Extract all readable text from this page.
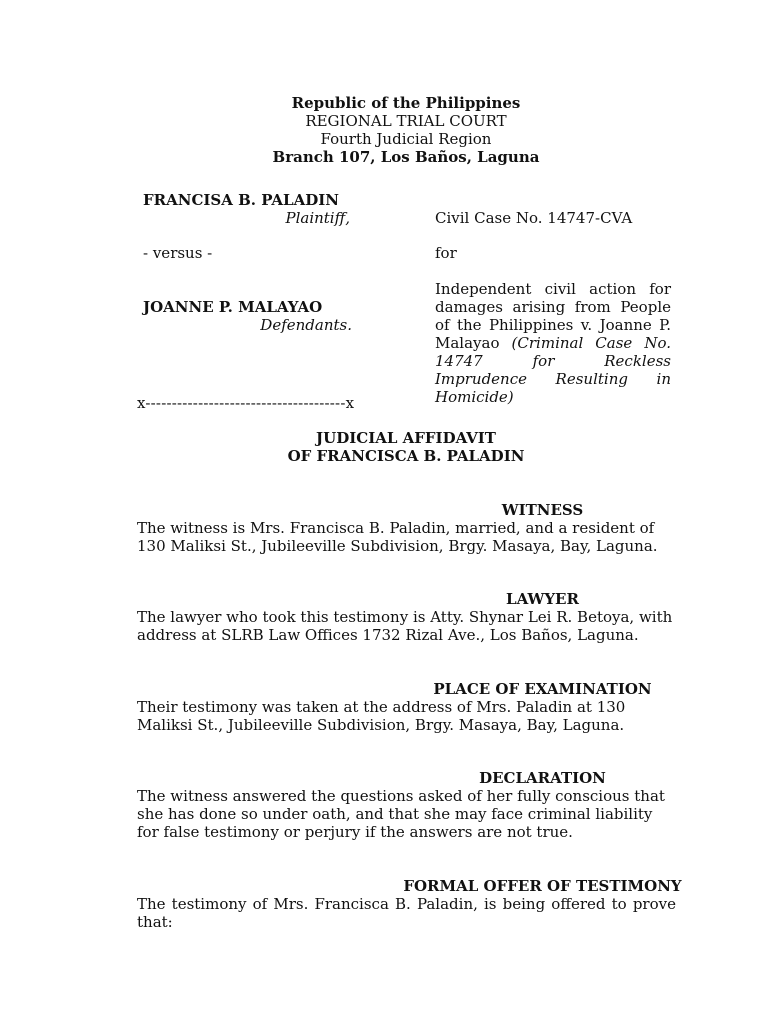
Republic of the Philippines
REGIONAL TRIAL COURT
Fourth Judicial Region
Branch 107, Los Baños, Laguna
FRANCISA B. PALADIN
Plaintiff,
- versus -
JOANNE P. MALAYAO
Defendants.
Civil Case No. 14747-CVA
for
Independent civil action for damages arising from People of the Philippines v. Joanne P. Malayao (Criminal Case No. 14747 for Reckless Imprudence Resulting in Homicide)
x--------------------------------------x
JUDICIAL AFFIDAVIT
OF FRANCISCA B. PALADIN
WITNESS
The witness is Mrs. Francisca B. Paladin, married, and a resident of 130 Maliksi St., Jubileeville Subdivision, Brgy. Masaya, Bay, Laguna.
LAWYER
The lawyer who took this testimony is Atty. Shynar Lei R. Betoya, with address at SLRB Law Offices 1732 Rizal Ave., Los Baños, Laguna.
PLACE OF EXAMINATION
Their testimony was taken at the address of Mrs. Paladin at 130 Maliksi St., Jubileeville Subdivision, Brgy. Masaya, Bay, Laguna.
DECLARATION
The witness answered the questions asked of her fully conscious that she has done so under oath, and that she may face criminal liability for false testimony or perjury if the answers are not true.
FORMAL OFFER OF TESTIMONY
The testimony of Mrs. Francisca B. Paladin, is being offered to prove that:
